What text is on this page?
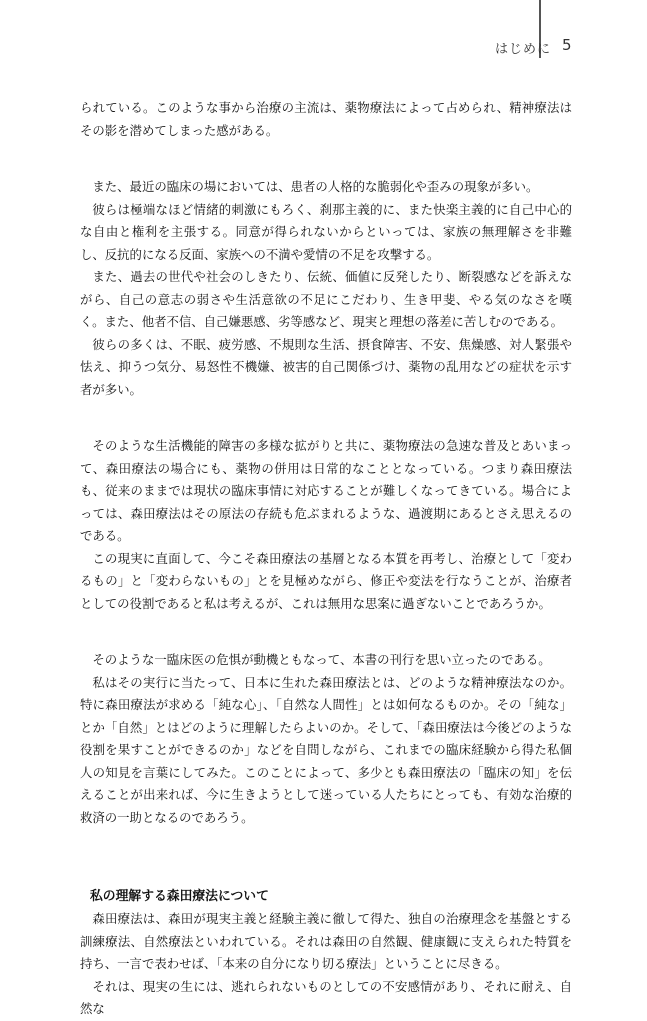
はじめに 5

られている。このような事から治療の主流は、薬物療法によって占められ、精神療法はその影を潜めてしまった感がある。

また、最近の臨床の場においては、患者の人格的な脆弱化や歪みの現象が多い。

彼らは極端なほど情緒的刺激にもろく、刹那主義的に、また快楽主義的に自己中心的な自由と権利を主張する。同意が得られないからといっては、家族の無理解さを非難し、反抗的になる反面、家族への不満や愛情の不足を攻撃する。

また、過去の世代や社会のしきたり、伝統、価値に反発したり、断裂感などを訴えながら、自己の意志の弱さや生活意欲の不足にこだわり、生き甲斐、やる気のなさを嘆く。また、他者不信、自己嫌悪感、劣等感など、現実と理想の落差に苦しむのである。

彼らの多くは、不眠、疲労感、不規則な生活、摂食障害、不安、焦燥感、対人緊張や怯え、抑うつ気分、易怒性不機嫌、被害的自己関係づけ、薬物の乱用などの症状を示す者が多い。

そのような生活機能的障害の多様な拡がりと共に、薬物療法の急速な普及とあいまって、森田療法の場合にも、薬物の併用は日常的なこととなっている。つまり森田療法も、従来のままでは現状の臨床事情に対応することが難しくなってきている。場合によっては、森田療法はその原法の存続も危ぶまれるような、過渡期にあるとさえ思えるのである。

この現実に直面して、今こそ森田療法の基層となる本質を再考し、治療として「変わるもの」と「変わらないもの」とを見極めながら、修正や変法を行なうことが、治療者としての役割であると私は考えるが、これは無用な思案に過ぎないことであろうか。

そのような一臨床医の危惧が動機ともなって、本書の刊行を思い立ったのである。

私はその実行に当たって、日本に生れた森田療法とは、どのような精神療法なのか。特に森田療法が求める「純な心」、「自然な人間性」とは如何なるものか。その「純な」とか「自然」とはどのように理解したらよいのか。そして、「森田療法は今後どのような役割を果すことができるのか」などを自問しながら、これまでの臨床経験から得た私個人の知見を言葉にしてみた。このことによって、多少とも森田療法の「臨床の知」を伝えることが出来れば、今に生きようとして迷っている人たちにとっても、有効な治療的救済の一助となるのであろう。

私の理解する森田療法について

森田療法は、森田が現実主義と経験主義に徹して得た、独自の治療理念を基盤とする訓練療法、自然療法といわれている。それは森田の自然観、健康観に支えられた特質を持ち、一言で表わせば、「本来の自分になり切る療法」ということに尽きる。

それは、現実の生には、逃れられないものとしての不安感情があり、それに耐え、自然な
